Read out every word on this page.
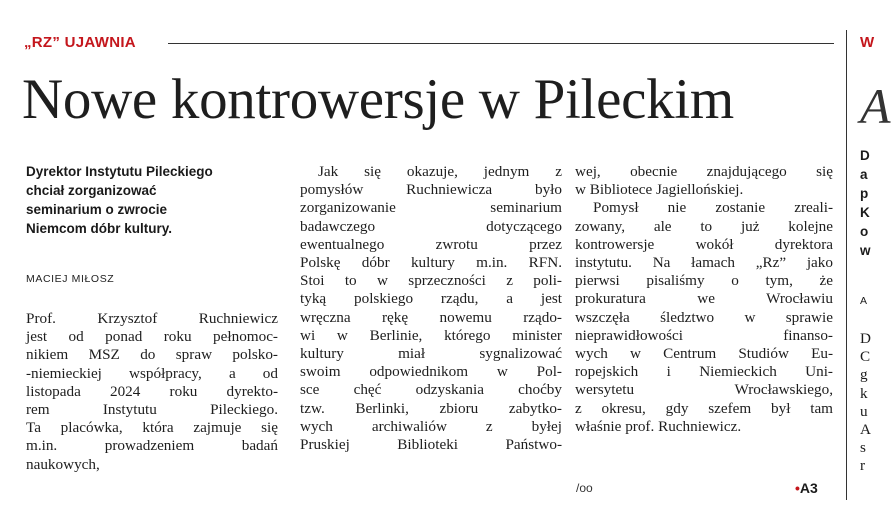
„RZ” UJAWNIA
Nowe kontrowersje w Pileckim
Dyrektor Instytutu Pileckiego
chciał zorganizować
seminarium o zwrocie
Niemcom dóbr kultury.
MACIEJ MIŁOSZ
Prof. Krzysztof Ruchniewicz
jest od ponad roku pełnomoc-
nikiem MSZ do spraw polsko-
-niemieckiej współpracy, a od
listopada 2024 roku dyrekto-
rem Instytutu Pileckiego.
Ta placówka, która zajmuje się
m.in. prowadzeniem badań
naukowych,
Jak się okazuje, jednym z
pomysłów Ruchniewicza było
zorganizowanie seminarium
badawczego dotyczącego
ewentualnego zwrotu przez
Polskę dóbr kultury m.in. RFN.
Stoi to w sprzeczności z poli-
tyką polskiego rządu, a jest
wręczna rękę nowemu rządo-
wi w Berlinie, którego minister
kultury miał sygnalizować
swoim odpowiednikom w Pol-
sce chęć odzyskania choćby
tzw. Berlinki, zbioru zabytko-
wych archiwaliów z byłej
Pruskiej Biblioteki Państwo-
wej, obecnie znajdującego się
w Bibliotece Jagiellońskiej.
Pomysł nie zostanie zreali-
zowany, ale to już kolejne
kontrowersje wokół dyrektora
instytutu. Na łamach „Rz” jako
pierwsi pisaliśmy o tym, że
prokuratura we Wrocławiu
wszczęła śledztwo w sprawie
nieprawidłowości finanso-
wych w Centrum Studiów Eu-
ropejskich i Niemieckich Uni-
wersytetu Wrocławskiego,
z okresu, gdy szefem był tam
właśnie prof. Ruchniewicz.
/oo	•A3
W
A
D
a
p
K
o
w
A
D
C
g
k
u
A
s
r
